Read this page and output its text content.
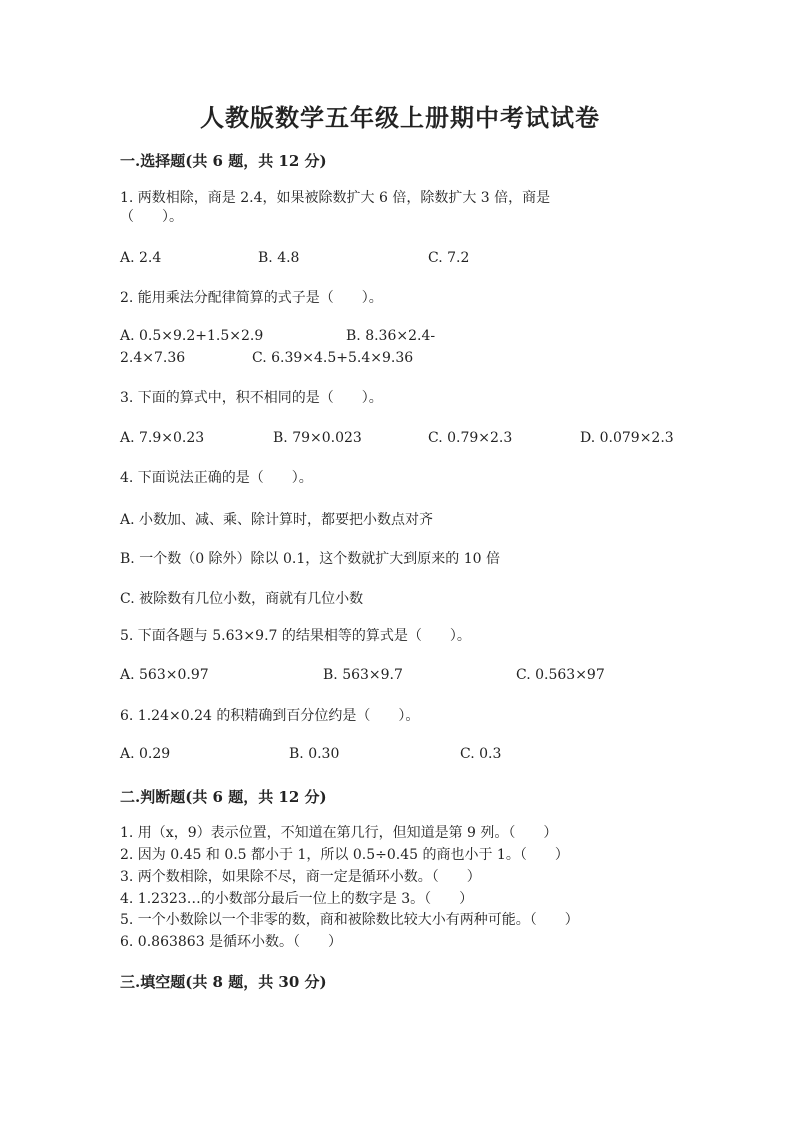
人教版数学五年级上册期中考试试卷
一.选择题(共 6 题，共 12 分)
1. 两数相除，商是 2.4，如果被除数扩大 6 倍，除数扩大 3 倍，商是
（　　）。
A. 2.4	B. 4.8	C. 7.2
2. 能用乘法分配律简算的式子是（　　）。
A. 0.5×9.2+1.5×2.9	B. 8.36×2.4-
2.4×7.36	C. 6.39×4.5+5.4×9.36
3. 下面的算式中，积不相同的是（　　）。
A. 7.9×0.23	B. 79×0.023	C. 0.79×2.3	D. 0.079×2.3
4. 下面说法正确的是（　　）。
A. 小数加、减、乘、除计算时，都要把小数点对齐
B. 一个数（0 除外）除以 0.1，这个数就扩大到原来的 10 倍
C. 被除数有几位小数，商就有几位小数
5. 下面各题与 5.63×9.7 的结果相等的算式是（　　）。
A. 563×0.97	B. 563×9.7	C. 0.563×97
6. 1.24×0.24 的积精确到百分位约是（　　）。
A. 0.29	B. 0.30	C. 0.3
二.判断题(共 6 题，共 12 分)
1. 用（x，9）表示位置，不知道在第几行，但知道是第 9 列。（　　）
2. 因为 0.45 和 0.5 都小于 1，所以 0.5÷0.45 的商也小于 1。（　　）
3. 两个数相除，如果除不尽，商一定是循环小数。（　　）
4. 1.2323…的小数部分最后一位上的数字是 3。（　　）
5. 一个小数除以一个非零的数，商和被除数比较大小有两种可能。（　　）
6. 0.863863 是循环小数。（　　）
三.填空题(共 8 题，共 30 分)
